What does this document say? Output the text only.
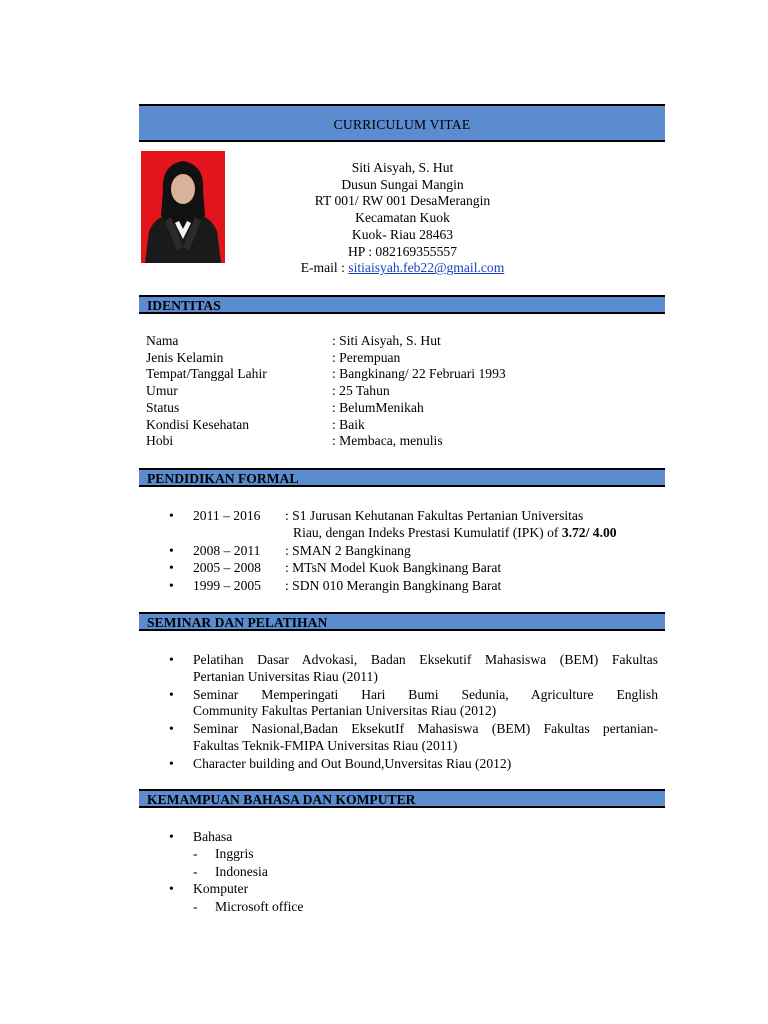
CURRICULUM VITAE
Siti Aisyah, S. Hut
Dusun Sungai Mangin
RT 001/ RW 001 DesaMerangin
Kecamatan Kuok
Kuok- Riau 28463
HP : 082169355557
E-mail : sitiaisyah.feb22@gmail.com
IDENTITAS
Nama	: Siti Aisyah, S. Hut
Jenis Kelamin	: Perempuan
Tempat/Tanggal Lahir	: Bangkinang/ 22 Februari 1993
Umur	: 25 Tahun
Status	: BelumMenikah
Kondisi Kesehatan	: Baik
Hobi	: Membaca, menulis
PENDIDIKAN FORMAL
• 2011 – 2016	: S1 Jurusan Kehutanan Fakultas Pertanian Universitas
Riau, dengan Indeks Prestasi Kumulatif (IPK) of 3.72/ 4.00
• 2008 – 2011	: SMAN 2 Bangkinang
• 2005 – 2008	: MTsN Model Kuok Bangkinang Barat
• 1999 – 2005	: SDN 010 Merangin Bangkinang Barat
SEMINAR DAN PELATIHAN
• Pelatihan Dasar Advokasi, Badan Eksekutif Mahasiswa (BEM) Fakultas
Pertanian Universitas Riau (2011)
• Seminar Memperingati Hari Bumi Sedunia, Agriculture English
Community Fakultas Pertanian Universitas Riau (2012)
• Seminar Nasional,Badan EksekutIf Mahasiswa (BEM) Fakultas pertanian-
Fakultas Teknik-FMIPA Universitas Riau (2011)
• Character building and Out Bound,Unversitas Riau (2012)
KEMAMPUAN BAHASA DAN KOMPUTER
• Bahasa
- Inggris
- Indonesia
• Komputer
- Microsoft office
